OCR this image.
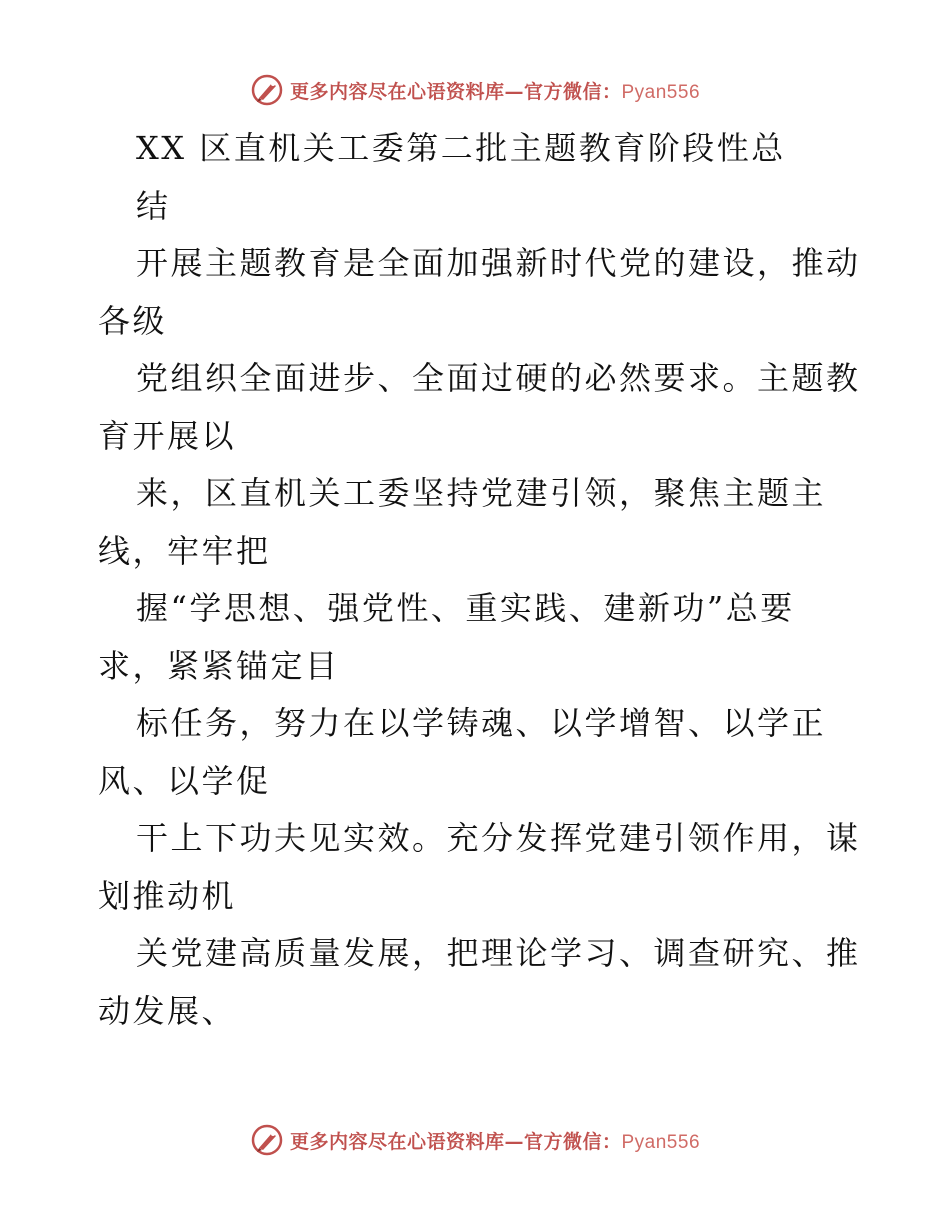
更多内容尽在心语资料库—官方微信：Pyan556
XX 区直机关工委第二批主题教育阶段性总
结
开展主题教育是全面加强新时代党的建设，推动
各级
党组织全面进步、全面过硬的必然要求。主题教
育开展以
来，区直机关工委坚持党建引领，聚焦主题主
线，牢牢把
握“学思想、强党性、重实践、建新功”总要
求，紧紧锚定目
标任务，努力在以学铸魂、以学增智、以学正
风、以学促
干上下功夫见实效。充分发挥党建引领作用，谋
划推动机
关党建高质量发展，把理论学习、调查研究、推
动发展、
更多内容尽在心语资料库—官方微信：Pyan556
